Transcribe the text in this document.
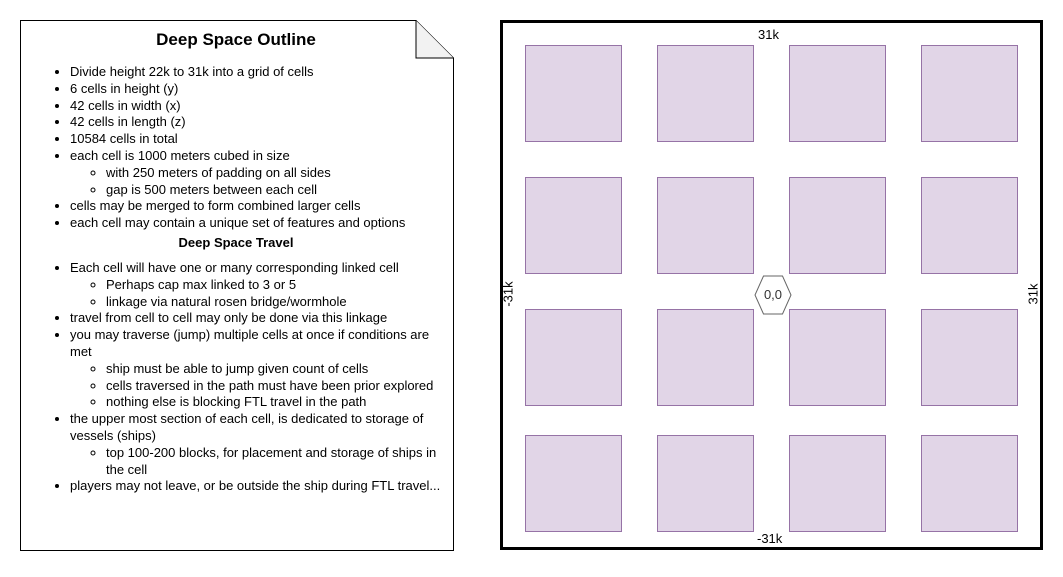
Deep Space Outline
• Divide height 22k to 31k into a grid of cells
• 6 cells in height (y)
• 42 cells in width (x)
• 42 cells in length (z)
• 10584 cells in total
• each cell is 1000 meters cubed in size
◦ with 250 meters of padding on all sides
◦ gap is 500 meters between each cell
• cells may be merged to form combined larger cells
• each cell may contain a unique set of features and options
Deep Space Travel
• Each cell will have one or many corresponding linked cell
◦ Perhaps cap max linked to 3 or 5
◦ linkage via natural rosen bridge/wormhole
• travel from cell to cell may only be done via this linkage
• you may traverse (jump) multiple cells at once if conditions are met
◦ ship must be able to jump given count of cells
◦ cells traversed in the path must have been prior explored
◦ nothing else is blocking FTL travel in the path
• the upper most section of each cell, is dedicated to storage of vessels (ships)
◦ top 100-200 blocks, for placement and storage of ships in the cell
• players may not leave, or be outside the ship during FTL travel...
31k
-31k
-31k	31k
0,0
